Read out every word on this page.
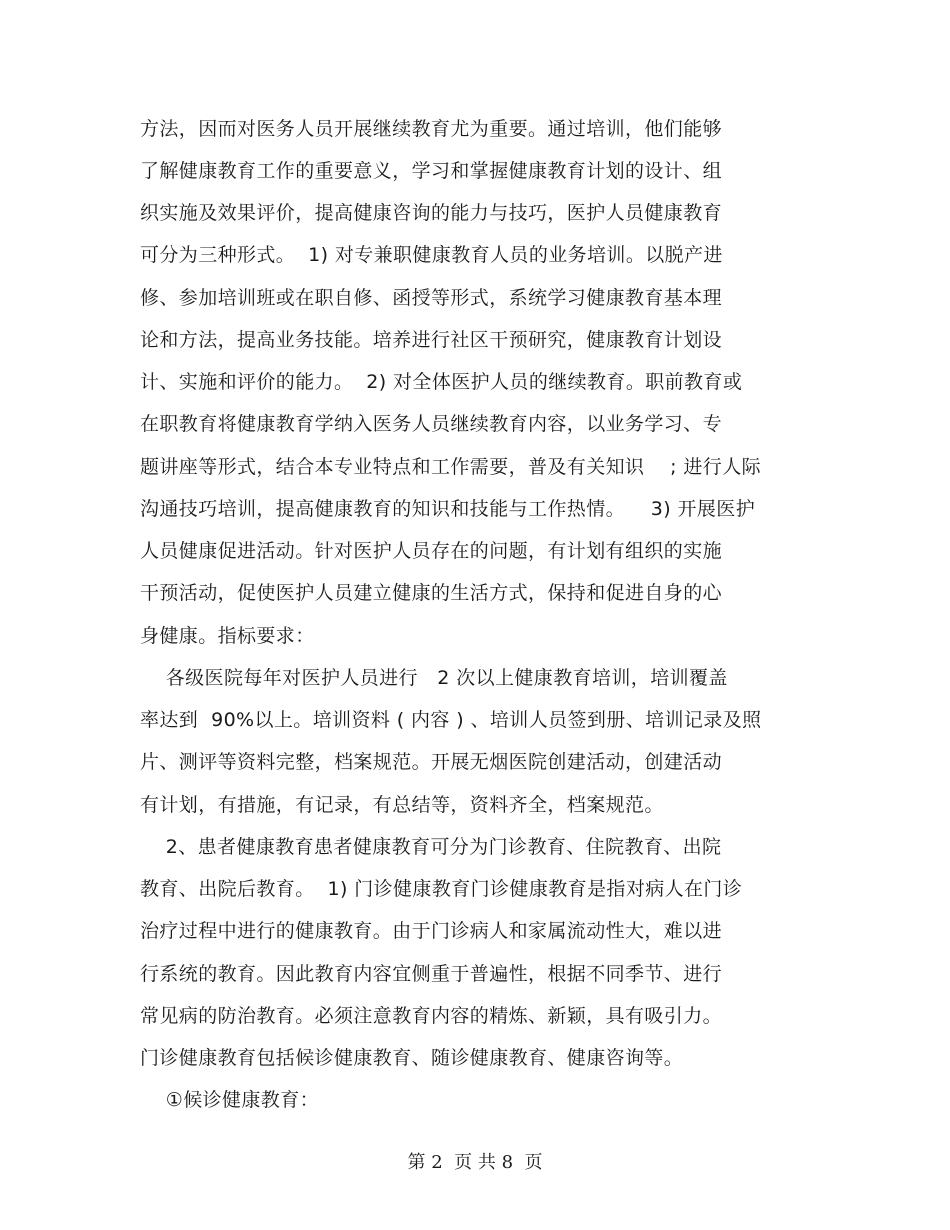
方法，因而对医务人员开展继续教育尤为重要。通过培训，他们能够
了解健康教育工作的重要意义，学习和掌握健康教育计划的设计、组
织实施及效果评价，提高健康咨询的能力与技巧，医护人员健康教育
可分为三种形式。  1) 对专兼职健康教育人员的业务培训。以脱产进
修、参加培训班或在职自修、函授等形式，系统学习健康教育基本理
论和方法，提高业务技能。培养进行社区干预研究，健康教育计划设
计、实施和评价的能力。  2) 对全体医护人员的继续教育。职前教育或
在职教育将健康教育学纳入医务人员继续教育内容，以业务学习、专
题讲座等形式，结合本专业特点和工作需要，普及有关知识    ; 进行人际
沟通技巧培训，提高健康教育的知识和技能与工作热情。    3) 开展医护
人员健康促进活动。针对医护人员存在的问题，有计划有组织的实施
干预活动，促使医护人员建立健康的生活方式，保持和促进自身的心
身健康。指标要求：
各级医院每年对医护人员进行   2 次以上健康教育培训，培训覆盖
率达到  90%以上。培训资料 ( 内容 ) 、培训人员签到册、培训记录及照
片、测评等资料完整，档案规范。开展无烟医院创建活动，创建活动
有计划，有措施，有记录，有总结等，资料齐全，档案规范。
2、患者健康教育患者健康教育可分为门诊教育、住院教育、出院
教育、出院后教育。  1) 门诊健康教育门诊健康教育是指对病人在门诊
治疗过程中进行的健康教育。由于门诊病人和家属流动性大，难以进
行系统的教育。因此教育内容宜侧重于普遍性，根据不同季节、进行
常见病的防治教育。必须注意教育内容的精炼、新颖，具有吸引力。
门诊健康教育包括候诊健康教育、随诊健康教育、健康咨询等。
①候诊健康教育：
第 2  页 共 8  页
